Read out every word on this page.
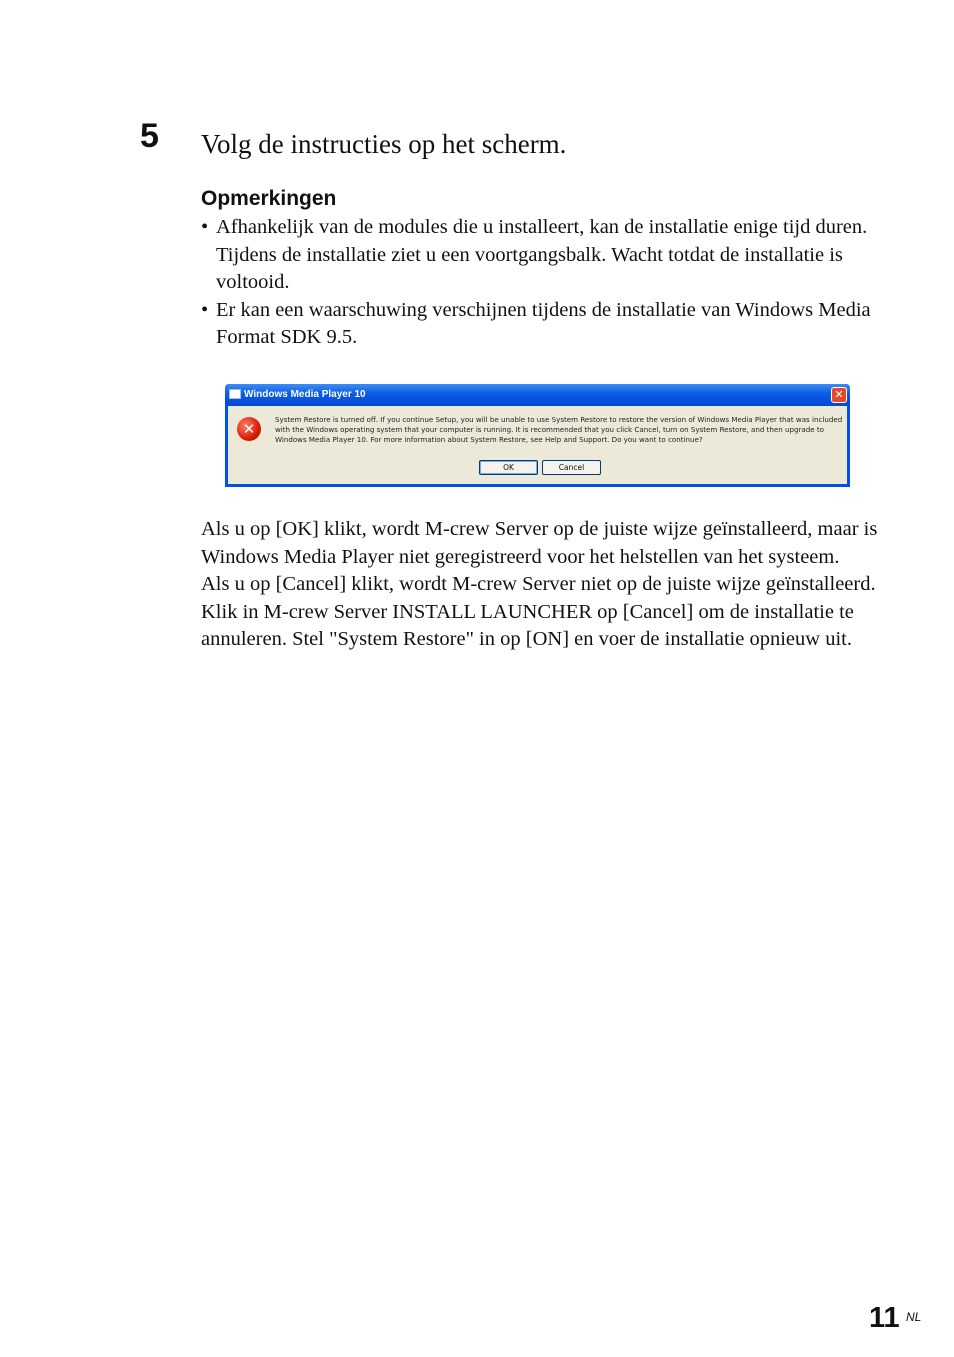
5 Volg de instructies op het scherm.
Opmerkingen
• Afhankelijk van de modules die u installeert, kan de installatie enige tijd duren. Tijdens de installatie ziet u een voortgangsbalk. Wacht totdat de installatie is voltooid.
• Er kan een waarschuwing verschijnen tijdens de installatie van Windows Media Format SDK 9.5.
Windows Media Player 10	✕
✕
System Restore is turned off. If you continue Setup, you will be unable to use System Restore to restore the version of Windows Media Player that was included with the Windows operating system that your computer is running. It is recommended that you click Cancel, turn on System Restore, and then upgrade to Windows Media Player 10. For more information about System Restore, see Help and Support. Do you want to continue?
OK	Cancel

Als u op [OK] klikt, wordt M-crew Server op de juiste wijze geïnstalleerd, maar is Windows Media Player niet geregistreerd voor het helstellen van het systeem.

Als u op [Cancel] klikt, wordt M-crew Server niet op de juiste wijze geïnstalleerd. Klik in M-crew Server INSTALL LAUNCHER op [Cancel] om de installatie te annuleren. Stel "System Restore" in op [ON] en voer de installatie opnieuw uit.

11 NL
